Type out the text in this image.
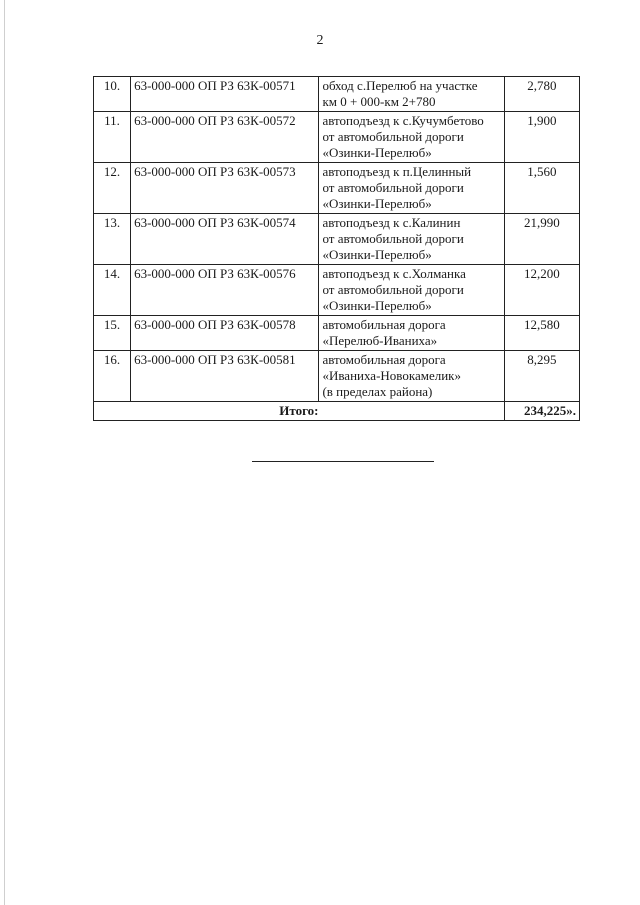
2
10.	63-000-000 ОП РЗ 63К-00571	обход с.Перелюб на участке
км 0 + 000-км 2+780	2,780
11.	63-000-000 ОП РЗ 63К-00572	автоподъезд к с.Кучумбетово
от автомобильной дороги
«Озинки-Перелюб»	1,900
12.	63-000-000 ОП РЗ 63К-00573	автоподъезд к п.Целинный
от автомобильной дороги
«Озинки-Перелюб»	1,560
13.	63-000-000 ОП РЗ 63К-00574	автоподъезд к с.Калинин
от автомобильной дороги
«Озинки-Перелюб»	21,990
14.	63-000-000 ОП РЗ 63К-00576	автоподъезд к с.Холманка
от автомобильной дороги
«Озинки-Перелюб»	12,200
15.	63-000-000 ОП РЗ 63К-00578	автомобильная дорога
«Перелюб-Иваниха»	12,580
16.	63-000-000 ОП РЗ 63К-00581	автомобильная дорога
«Иваниха-Новокамелик»
(в пределах района)	8,295
Итого:			234,225».
